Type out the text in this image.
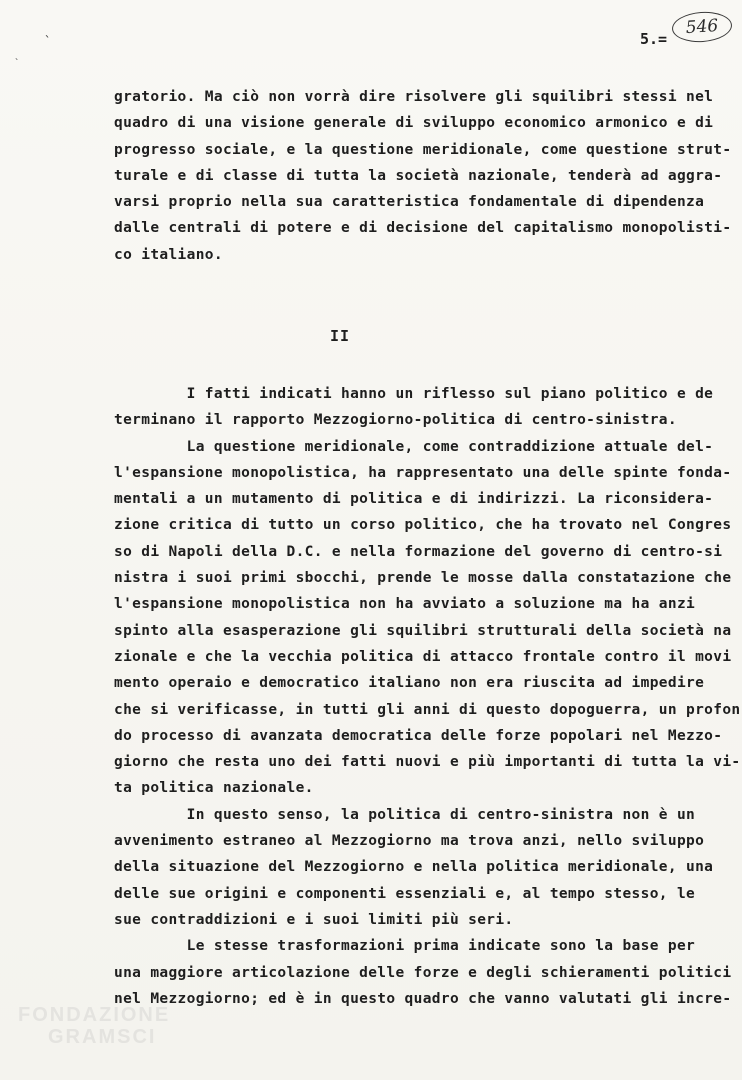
`
`
546
5.=
gratorio. Ma ciò non vorrà dire risolvere gli squilibri stessi nel
quadro di una visione generale di sviluppo economico armonico e di
progresso sociale, e la questione meridionale, come questione strut-
turale e di classe di tutta la società nazionale, tenderà ad aggra-
varsi proprio nella sua caratteristica fondamentale di dipendenza
dalle centrali di potere e di decisione del capitalismo monopolisti-
co italiano.
II
I fatti indicati hanno un riflesso sul piano politico e de
terminano il rapporto Mezzogiorno-politica di centro-sinistra.
La questione meridionale, come contraddizione attuale del-
l'espansione monopolistica, ha rappresentato una delle spinte fonda-
mentali a un mutamento di politica e di indirizzi. La riconsidera-
zione critica di tutto un corso politico, che ha trovato nel Congres
so di Napoli della D.C. e nella formazione del governo di centro-si
nistra i suoi primi sbocchi, prende le mosse dalla constatazione che
l'espansione monopolistica non ha avviato a soluzione ma ha anzi
spinto alla esasperazione gli squilibri strutturali della società na
zionale e che la vecchia politica di attacco frontale contro il movi
mento operaio e democratico italiano non era riuscita ad impedire
che si verificasse, in tutti gli anni di questo dopoguerra, un profon
do processo di avanzata democratica delle forze popolari nel Mezzo-
giorno che resta uno dei fatti nuovi e più importanti di tutta la vi-
ta politica nazionale.
In questo senso, la politica di centro-sinistra non è un
avvenimento estraneo al Mezzogiorno ma trova anzi, nello sviluppo
della situazione del Mezzogiorno e nella politica meridionale, una
delle sue origini e componenti essenziali e, al tempo stesso, le
sue contraddizioni e i suoi limiti più seri.
Le stesse trasformazioni prima indicate sono la base per
una maggiore articolazione delle forze e degli schieramenti politici
nel Mezzogiorno; ed è in questo quadro che vanno valutati gli incre-
FONDAZIONE
GRAMSCI
